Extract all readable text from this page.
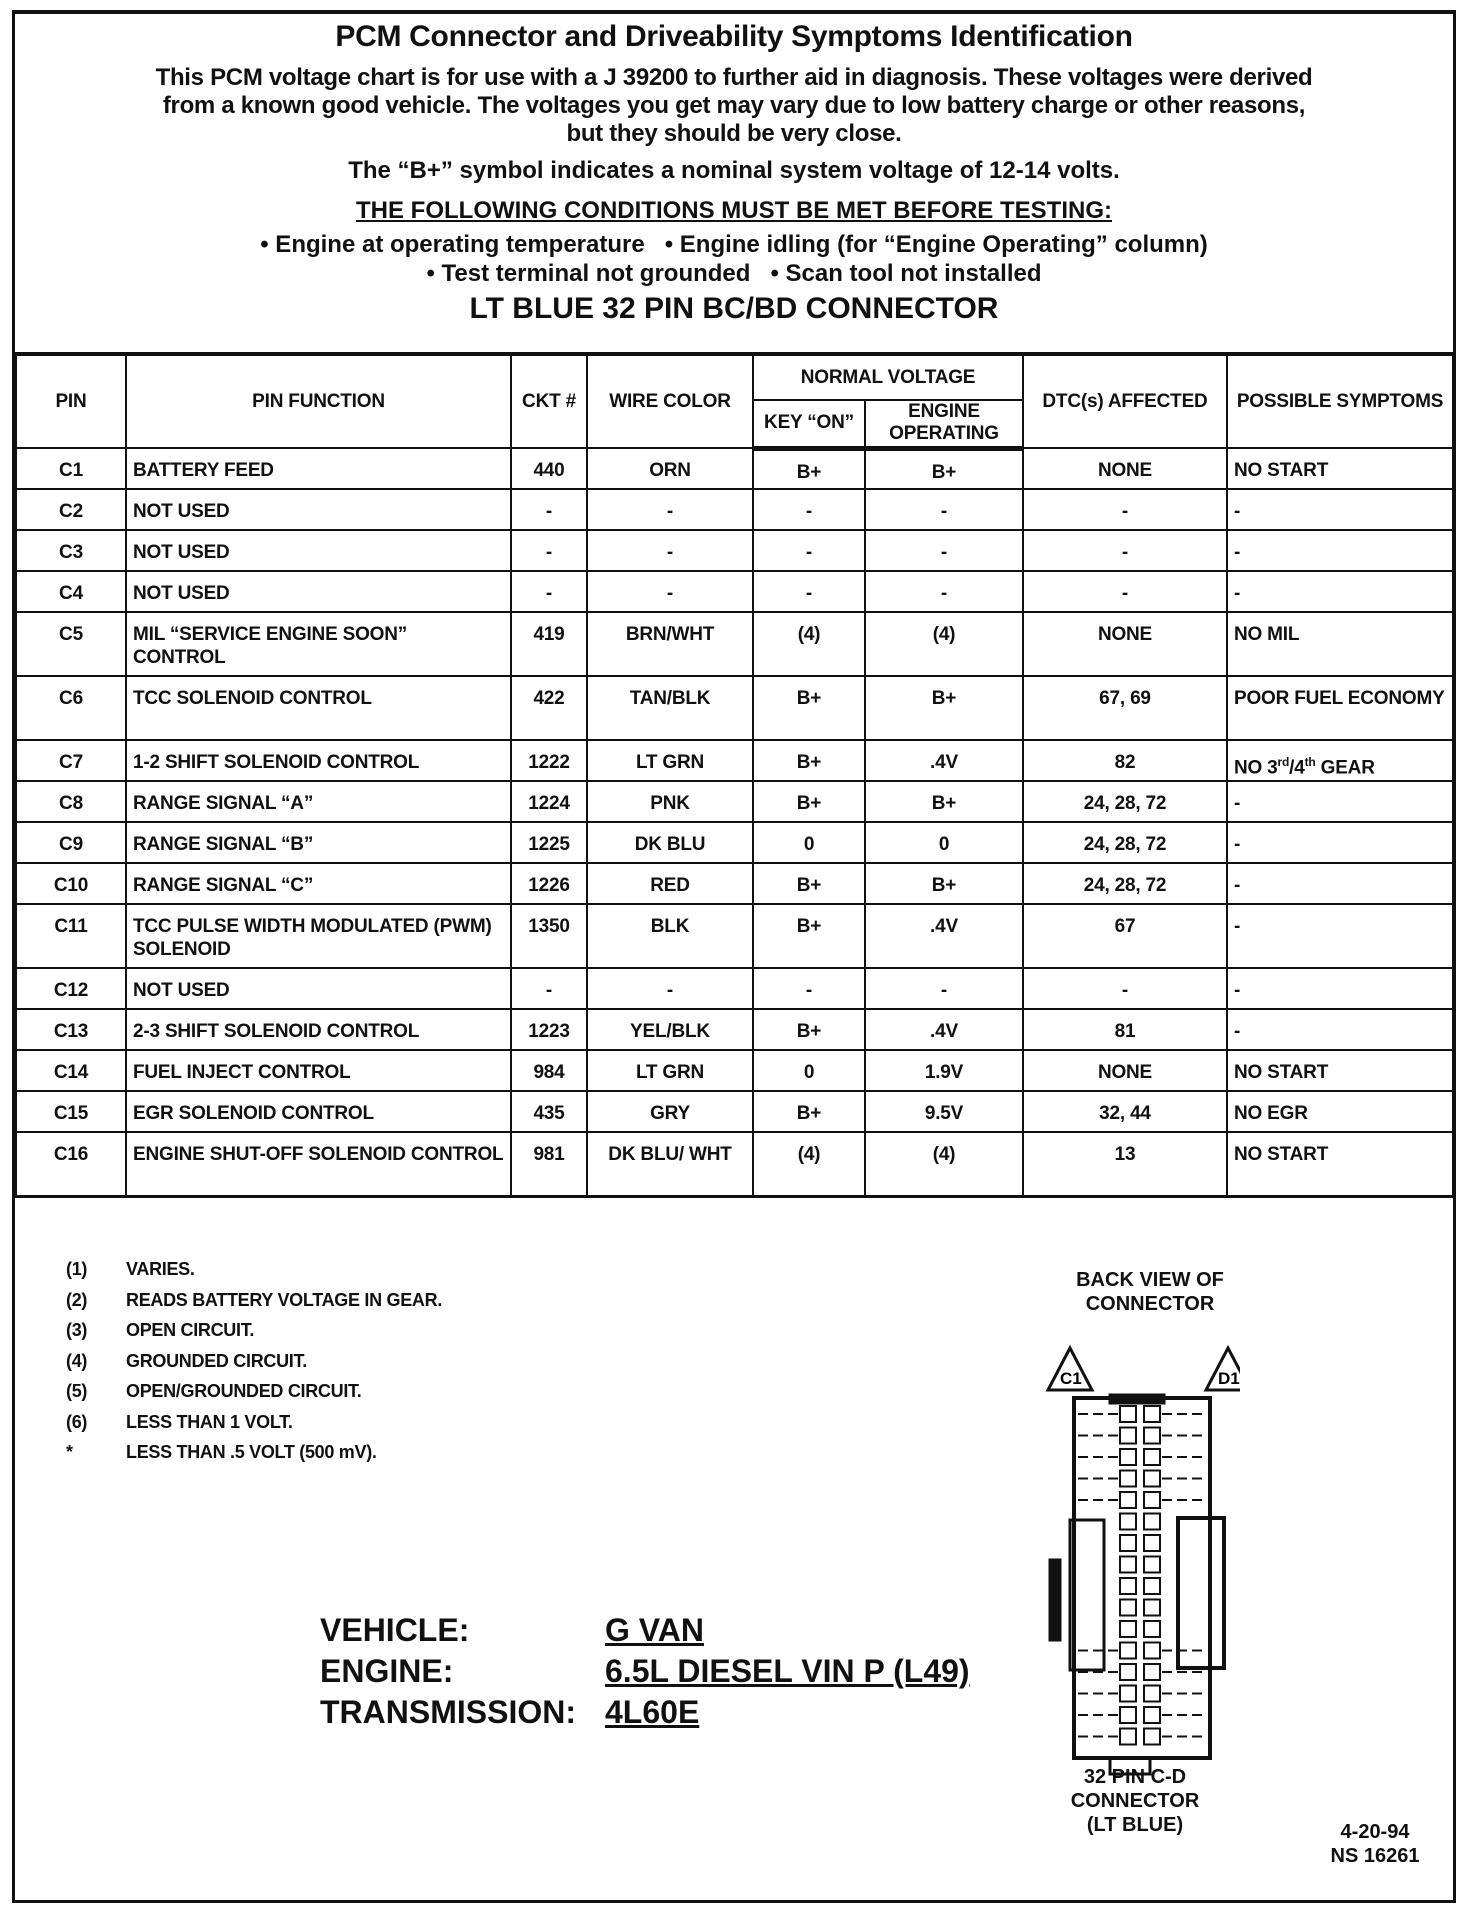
PCM Connector and Driveability Symptoms Identification
This PCM voltage chart is for use with a J 39200 to further aid in diagnosis. These voltages were derived
from a known good vehicle. The voltages you get may vary due to low battery charge or other reasons,
but they should be very close.
The “B+” symbol indicates a nominal system voltage of 12-14 volts.
THE FOLLOWING CONDITIONS MUST BE MET BEFORE TESTING:
• Engine at operating temperature   • Engine idling (for “Engine Operating” column)
• Test terminal not grounded   • Scan tool not installed
LT BLUE 32 PIN BC/BD CONNECTOR
PIN	PIN FUNCTION	CKT #	WIRE COLOR	NORMAL VOLTAGE		DTC(s) AFFECTED	POSSIBLE SYMPTOMS
				KEY “ON”	ENGINE OPERATING		
C1	BATTERY FEED	440	ORN	B+	B+	NONE	NO START
C2	NOT USED	-	-	-	-	-	-
C3	NOT USED	-	-	-	-	-	-
C4	NOT USED	-	-	-	-	-	-
C5	MIL “SERVICE ENGINE SOON” CONTROL	419	BRN/WHT	(4)	(4)	NONE	NO MIL
C6	TCC SOLENOID CONTROL	422	TAN/BLK	B+	B+	67, 69	POOR FUEL ECONOMY
C7	1-2 SHIFT SOLENOID CONTROL	1222	LT GRN	B+	.4V	82	NO 3rd/4th GEAR
C8	RANGE SIGNAL “A”	1224	PNK	B+	B+	24, 28, 72	-
C9	RANGE SIGNAL “B”	1225	DK BLU	0	0	24, 28, 72	-
C10	RANGE SIGNAL “C”	1226	RED	B+	B+	24, 28, 72	-
C11	TCC PULSE WIDTH MODULATED (PWM) SOLENOID	1350	BLK	B+	.4V	67	-
C12	NOT USED	-	-	-	-	-	-
C13	2-3 SHIFT SOLENOID CONTROL	1223	YEL/BLK	B+	.4V	81	-
C14	FUEL INJECT CONTROL	984	LT GRN	0	1.9V	NONE	NO START
C15	EGR SOLENOID CONTROL	435	GRY	B+	9.5V	32, 44	NO EGR
C16	ENGINE SHUT-OFF SOLENOID CONTROL	981	DK BLU/ WHT	(4)	(4)	13	NO START
(1) VARIES.
(2) READS BATTERY VOLTAGE IN GEAR.
(3) OPEN CIRCUIT.
(4) GROUNDED CIRCUIT.
(5) OPEN/GROUNDED CIRCUIT.
(6) LESS THAN 1 VOLT.
*	LESS THAN .5 VOLT (500 mV).
VEHICLE:	G VAN
ENGINE:	6.5L DIESEL VIN P (L49)
TRANSMISSION: 4L60E
BACK VIEW OF CONNECTOR
C1	D1
32 PIN C-D CONNECTOR (LT BLUE)	4-20-94
NS 16261
